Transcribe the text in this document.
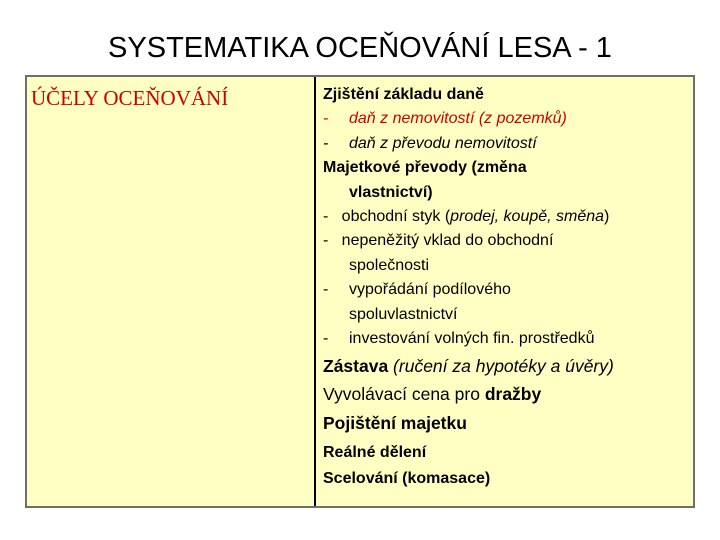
SYSTEMATIKA OCEŇOVÁNÍ LESA - 1
ÚČELY OCEŇOVÁNÍ	Zjištění základu daně
- daň z nemovitostí (z pozemků)
- daň z převodu nemovitostí
Majetkové převody (změna
vlastnictví)
- obchodní styk (prodej, koupě, směna)
- nepeněžitý vklad do obchodní
společnosti
- vypořádání podílového
spoluvlastnictví
- investování volných fin. prostředků
Zástava (ručení za hypotéky a úvěry)
Vyvolávací cena pro dražby
Pojištění majetku
Reálné dělení
Scelování (komasace)
